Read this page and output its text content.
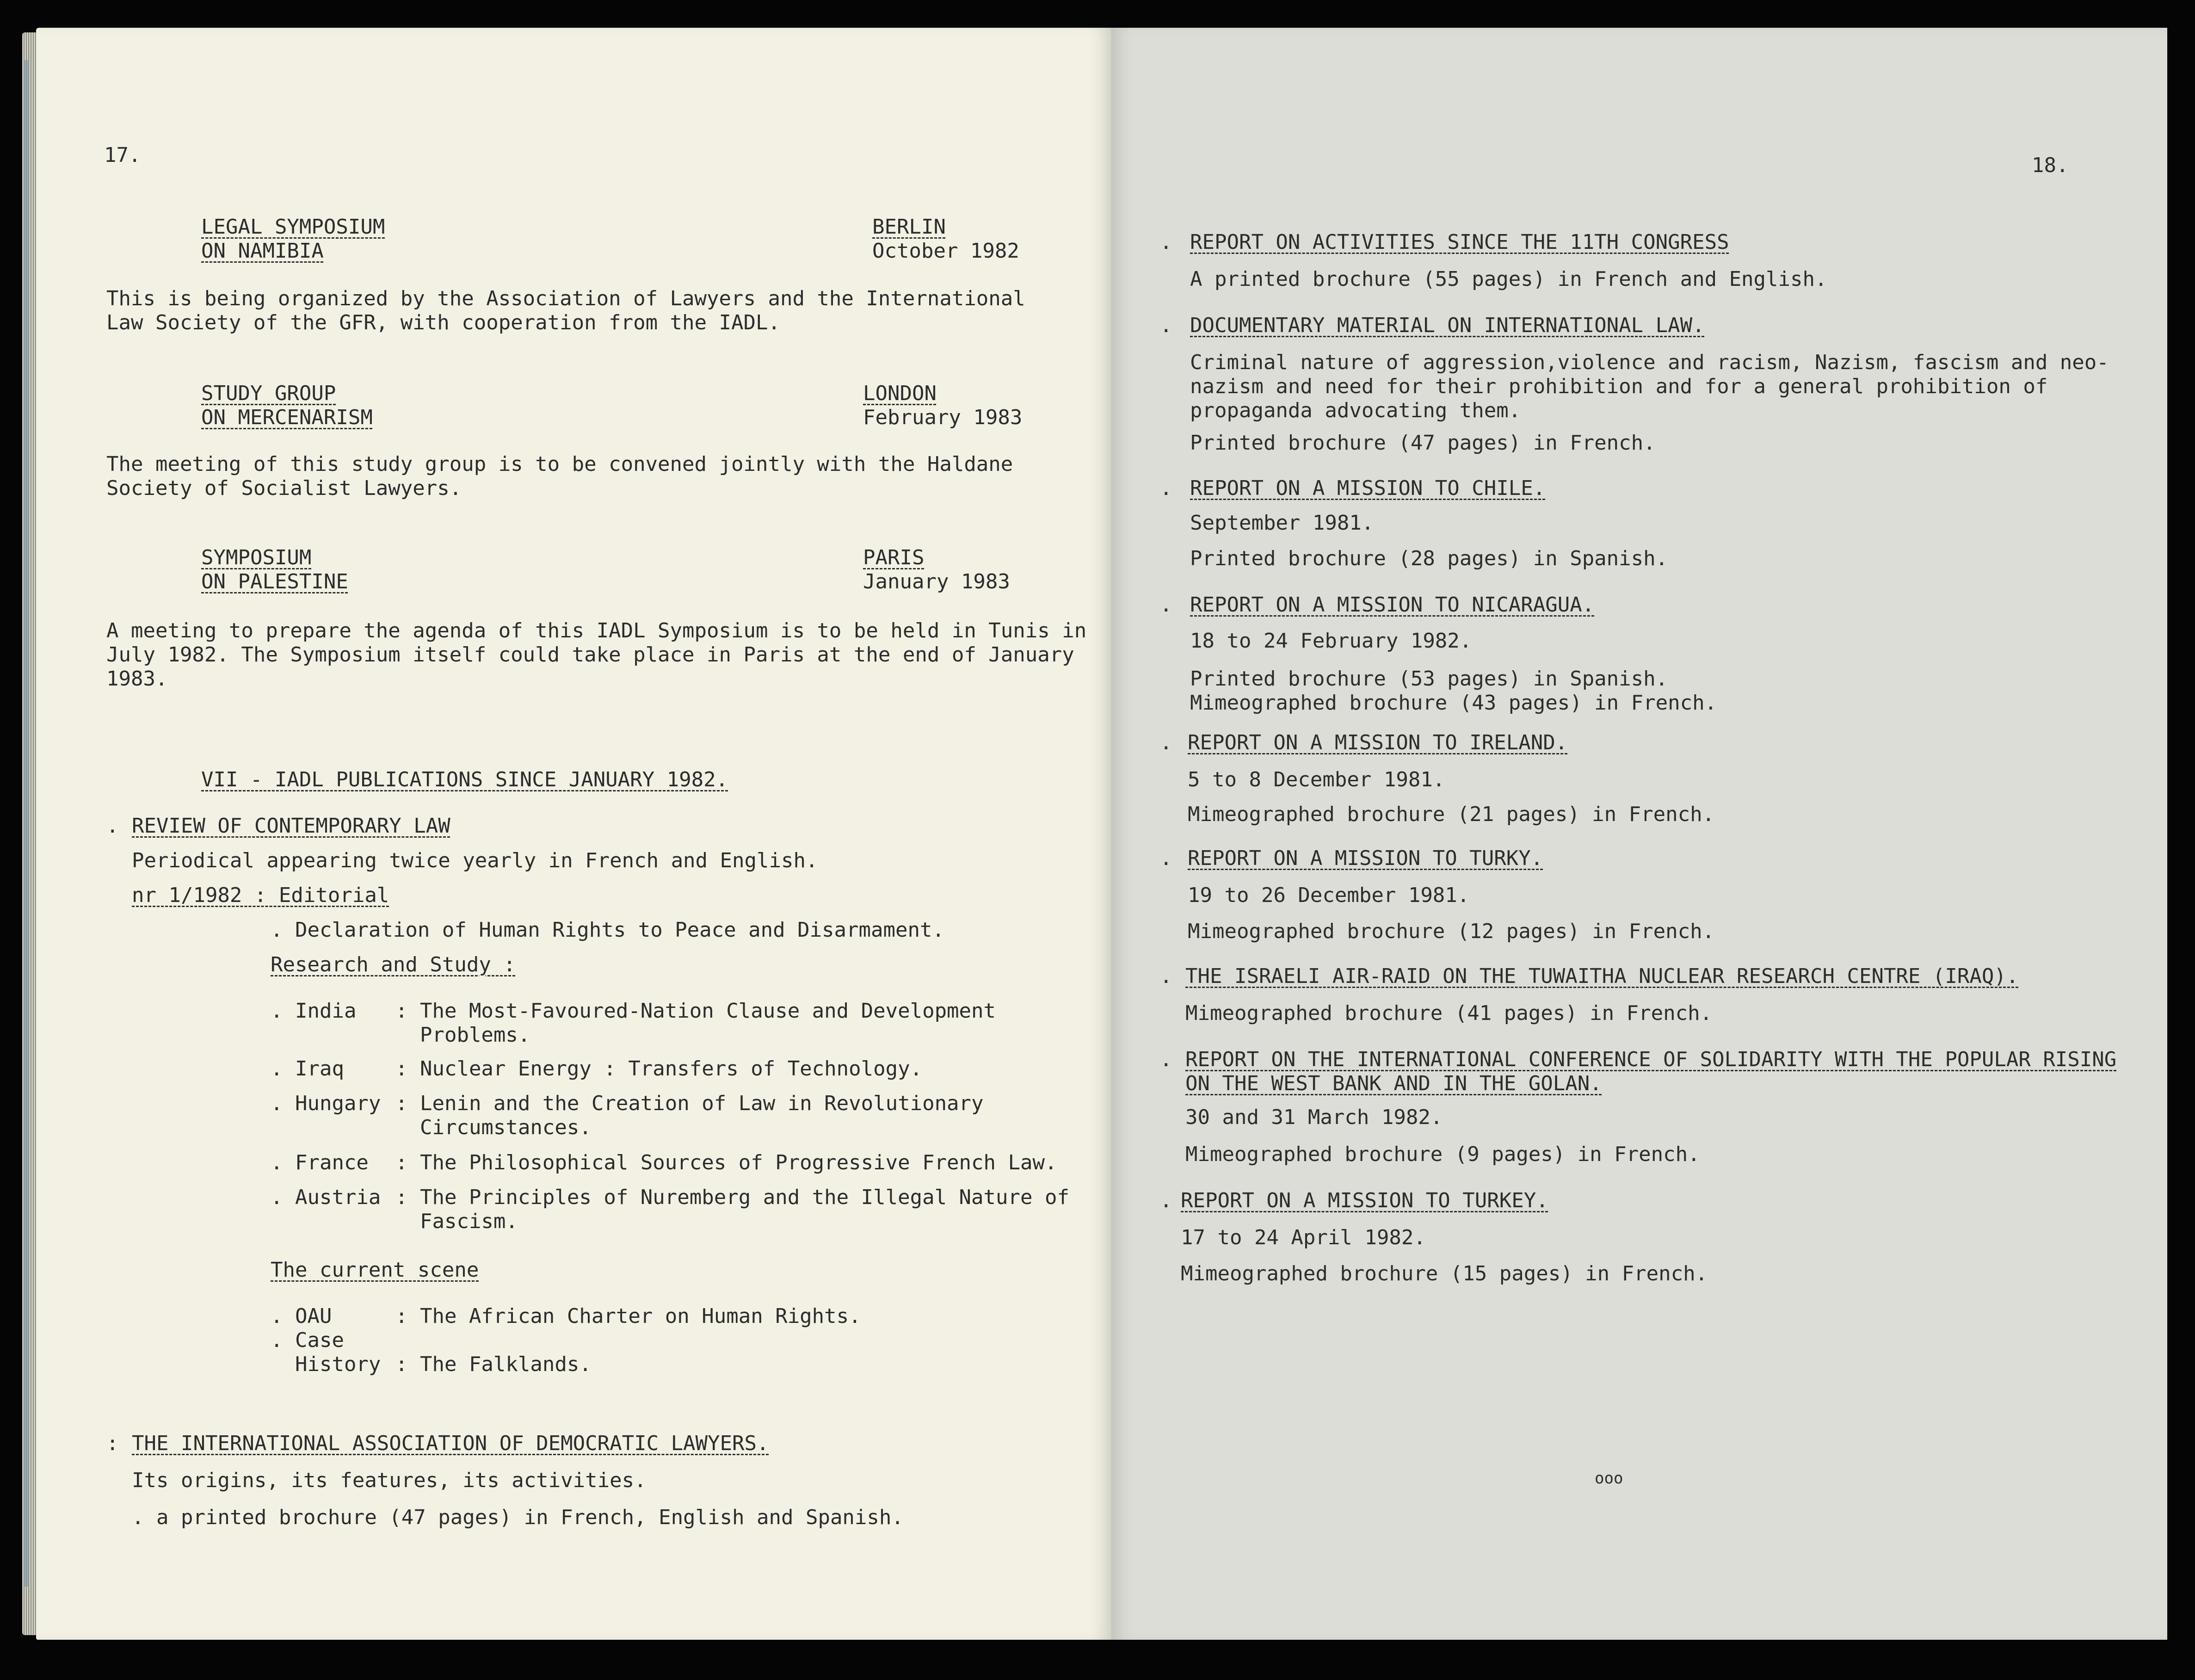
17.
LEGAL SYMPOSIUM
ON NAMIBIA
BERLIN
October 1982
This is being organized by the Association of Lawyers and the International
Law Society of the GFR, with cooperation from the IADL.
STUDY GROUP
ON MERCENARISM
LONDON
February 1983
The meeting of this study group is to be convened jointly with the Haldane
Society of Socialist Lawyers.
SYMPOSIUM
ON PALESTINE
PARIS
January 1983
A meeting to prepare the agenda of this IADL Symposium is to be held in Tunis in
July 1982. The Symposium itself could take place in Paris at the end of January
1983.
VII - IADL PUBLICATIONS SINCE JANUARY 1982.
. REVIEW OF CONTEMPORARY LAW
Periodical appearing twice yearly in French and English.
nr 1/1982 : Editorial
. Declaration of Human Rights to Peace and Disarmament.
Research and Study :
. India : The Most-Favoured-Nation Clause and Development
Problems.
. Iraq	: Nuclear Energy : Transfers of Technology.
. Hungary : Lenin and the Creation of Law in Revolutionary
Circumstances.
. France : The Philosophical Sources of Progressive French Law.
. Austria : The Principles of Nuremberg and the Illegal Nature of
Fascism.
The current scene
. OAU	: The African Charter on Human Rights.
. Case
History
: The Falklands.
: THE INTERNATIONAL ASSOCIATION OF DEMOCRATIC LAWYERS.
Its origins, its features, its activities.
. a printed brochure (47 pages) in French, English and Spanish.
18.
. REPORT ON ACTIVITIES SINCE THE 11TH CONGRESS
A printed brochure (55 pages) in French and English.
. DOCUMENTARY MATERIAL ON INTERNATIONAL LAW.
Criminal nature of aggression,violence and racism, Nazism, fascism and neo-
nazism and need for their prohibition and for a general prohibition of
propaganda advocating them.
Printed brochure (47 pages) in French.
. REPORT ON A MISSION TO CHILE.
September 1981.
Printed brochure (28 pages) in Spanish.
. REPORT ON A MISSION TO NICARAGUA.
18 to 24 February 1982.
Printed brochure (53 pages) in Spanish.
Mimeographed brochure (43 pages) in French.
. REPORT ON A MISSION TO IRELAND.
5 to 8 December 1981.
Mimeographed brochure (21 pages) in French.
. REPORT ON A MISSION TO TURKY.
19 to 26 December 1981.
Mimeographed brochure (12 pages) in French.
. THE ISRAELI AIR-RAID ON THE TUWAITHA NUCLEAR RESEARCH CENTRE (IRAQ).
Mimeographed brochure (41 pages) in French.
. REPORT ON THE INTERNATIONAL CONFERENCE OF SOLIDARITY WITH THE POPULAR RISING
ON THE WEST BANK AND IN THE GOLAN.
30 and 31 March 1982.
Mimeographed brochure (9 pages) in French.
. REPORT ON A MISSION TO TURKEY.
17 to 24 April 1982.
Mimeographed brochure (15 pages) in French.
ooo
